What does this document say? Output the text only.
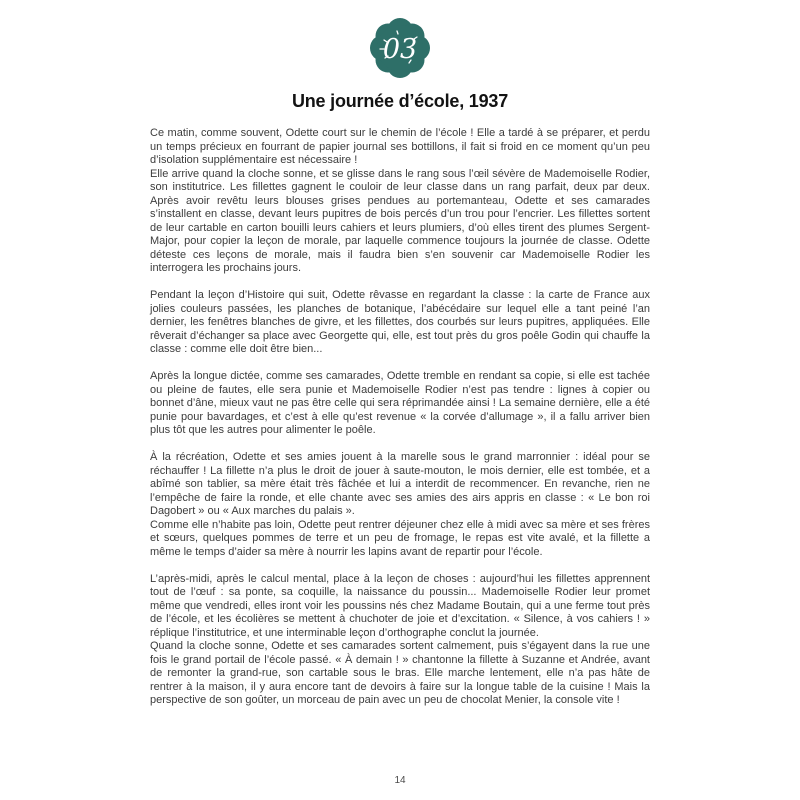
03
Une journée d’école, 1937

Ce matin, comme souvent, Odette court sur le chemin de l’école ! Elle a tardé à se préparer, et perdu un temps précieux en fourrant de papier journal ses bottillons, il fait si froid en ce moment qu’un peu d’isolation supplémentaire est nécessaire !

Elle arrive quand la cloche sonne, et se glisse dans le rang sous l’œil sévère de Mademoiselle Rodier, son institutrice. Les fillettes gagnent le couloir de leur classe dans un rang parfait, deux par deux. Après avoir revêtu leurs blouses grises pendues au portemanteau, Odette et ses camarades s’installent en classe, devant leurs pupitres de bois percés d’un trou pour l’encrier. Les fillettes sortent de leur cartable en carton bouilli leurs cahiers et leurs plumiers, d’où elles tirent des plumes Sergent-Major, pour copier la leçon de morale, par laquelle commence toujours la journée de classe. Odette déteste ces leçons de morale, mais il faudra bien s’en souvenir car Mademoiselle Rodier les interrogera les prochains jours.

Pendant la leçon d’Histoire qui suit, Odette rêvasse en regardant la classe : la carte de France aux jolies couleurs passées, les planches de botanique, l’abécédaire sur lequel elle a tant peiné l’an dernier, les fenêtres blanches de givre, et les fillettes, dos courbés sur leurs pupitres, appliquées. Elle rêverait d’échanger sa place avec Georgette qui, elle, est tout près du gros poêle Godin qui chauffe la classe : comme elle doit être bien...

Après la longue dictée, comme ses camarades, Odette tremble en rendant sa copie, si elle est tachée ou pleine de fautes, elle sera punie et Mademoiselle Rodier n’est pas tendre : lignes à copier ou bonnet d’âne, mieux vaut ne pas être celle qui sera réprimandée ainsi ! La semaine dernière, elle a été punie pour bavardages, et c’est à elle qu’est revenue « la corvée d’allumage », il a fallu arriver bien plus tôt que les autres pour alimenter le poêle.

À la récréation, Odette et ses amies jouent à la marelle sous le grand marronnier : idéal pour se réchauffer ! La fillette n’a plus le droit de jouer à saute-mouton, le mois dernier, elle est tombée, et a abîmé son tablier, sa mère était très fâchée et lui a interdit de recommencer. En revanche, rien ne l’empêche de faire la ronde, et elle chante avec ses amies des airs appris en classe : « Le bon roi Dagobert » ou « Aux marches du palais ».

Comme elle n’habite pas loin, Odette peut rentrer déjeuner chez elle à midi avec sa mère et ses frères et sœurs, quelques pommes de terre et un peu de fromage, le repas est vite avalé, et la fillette a même le temps d’aider sa mère à nourrir les lapins avant de repartir pour l’école.

L’après-midi, après le calcul mental, place à la leçon de choses : aujourd’hui les fillettes apprennent tout de l’œuf : sa ponte, sa coquille, la naissance du poussin... Mademoiselle Rodier leur promet même que vendredi, elles iront voir les poussins nés chez Madame Boutain, qui a une ferme tout près de l’école, et les écolières se mettent à chuchoter de joie et d’excitation. « Silence, à vos cahiers ! » réplique l’institutrice, et une interminable leçon d’orthographe conclut la journée.

Quand la cloche sonne, Odette et ses camarades sortent calmement, puis s’égayent dans la rue une fois le grand portail de l’école passé. « À demain ! » chantonne la fillette à Suzanne et Andrée, avant de remonter la grand-rue, son cartable sous le bras. Elle marche lentement, elle n’a pas hâte de rentrer à la maison, il y aura encore tant de devoirs à faire sur la longue table de la cuisine ! Mais la perspective de son goûter, un morceau de pain avec un peu de chocolat Menier, la console vite !

14
